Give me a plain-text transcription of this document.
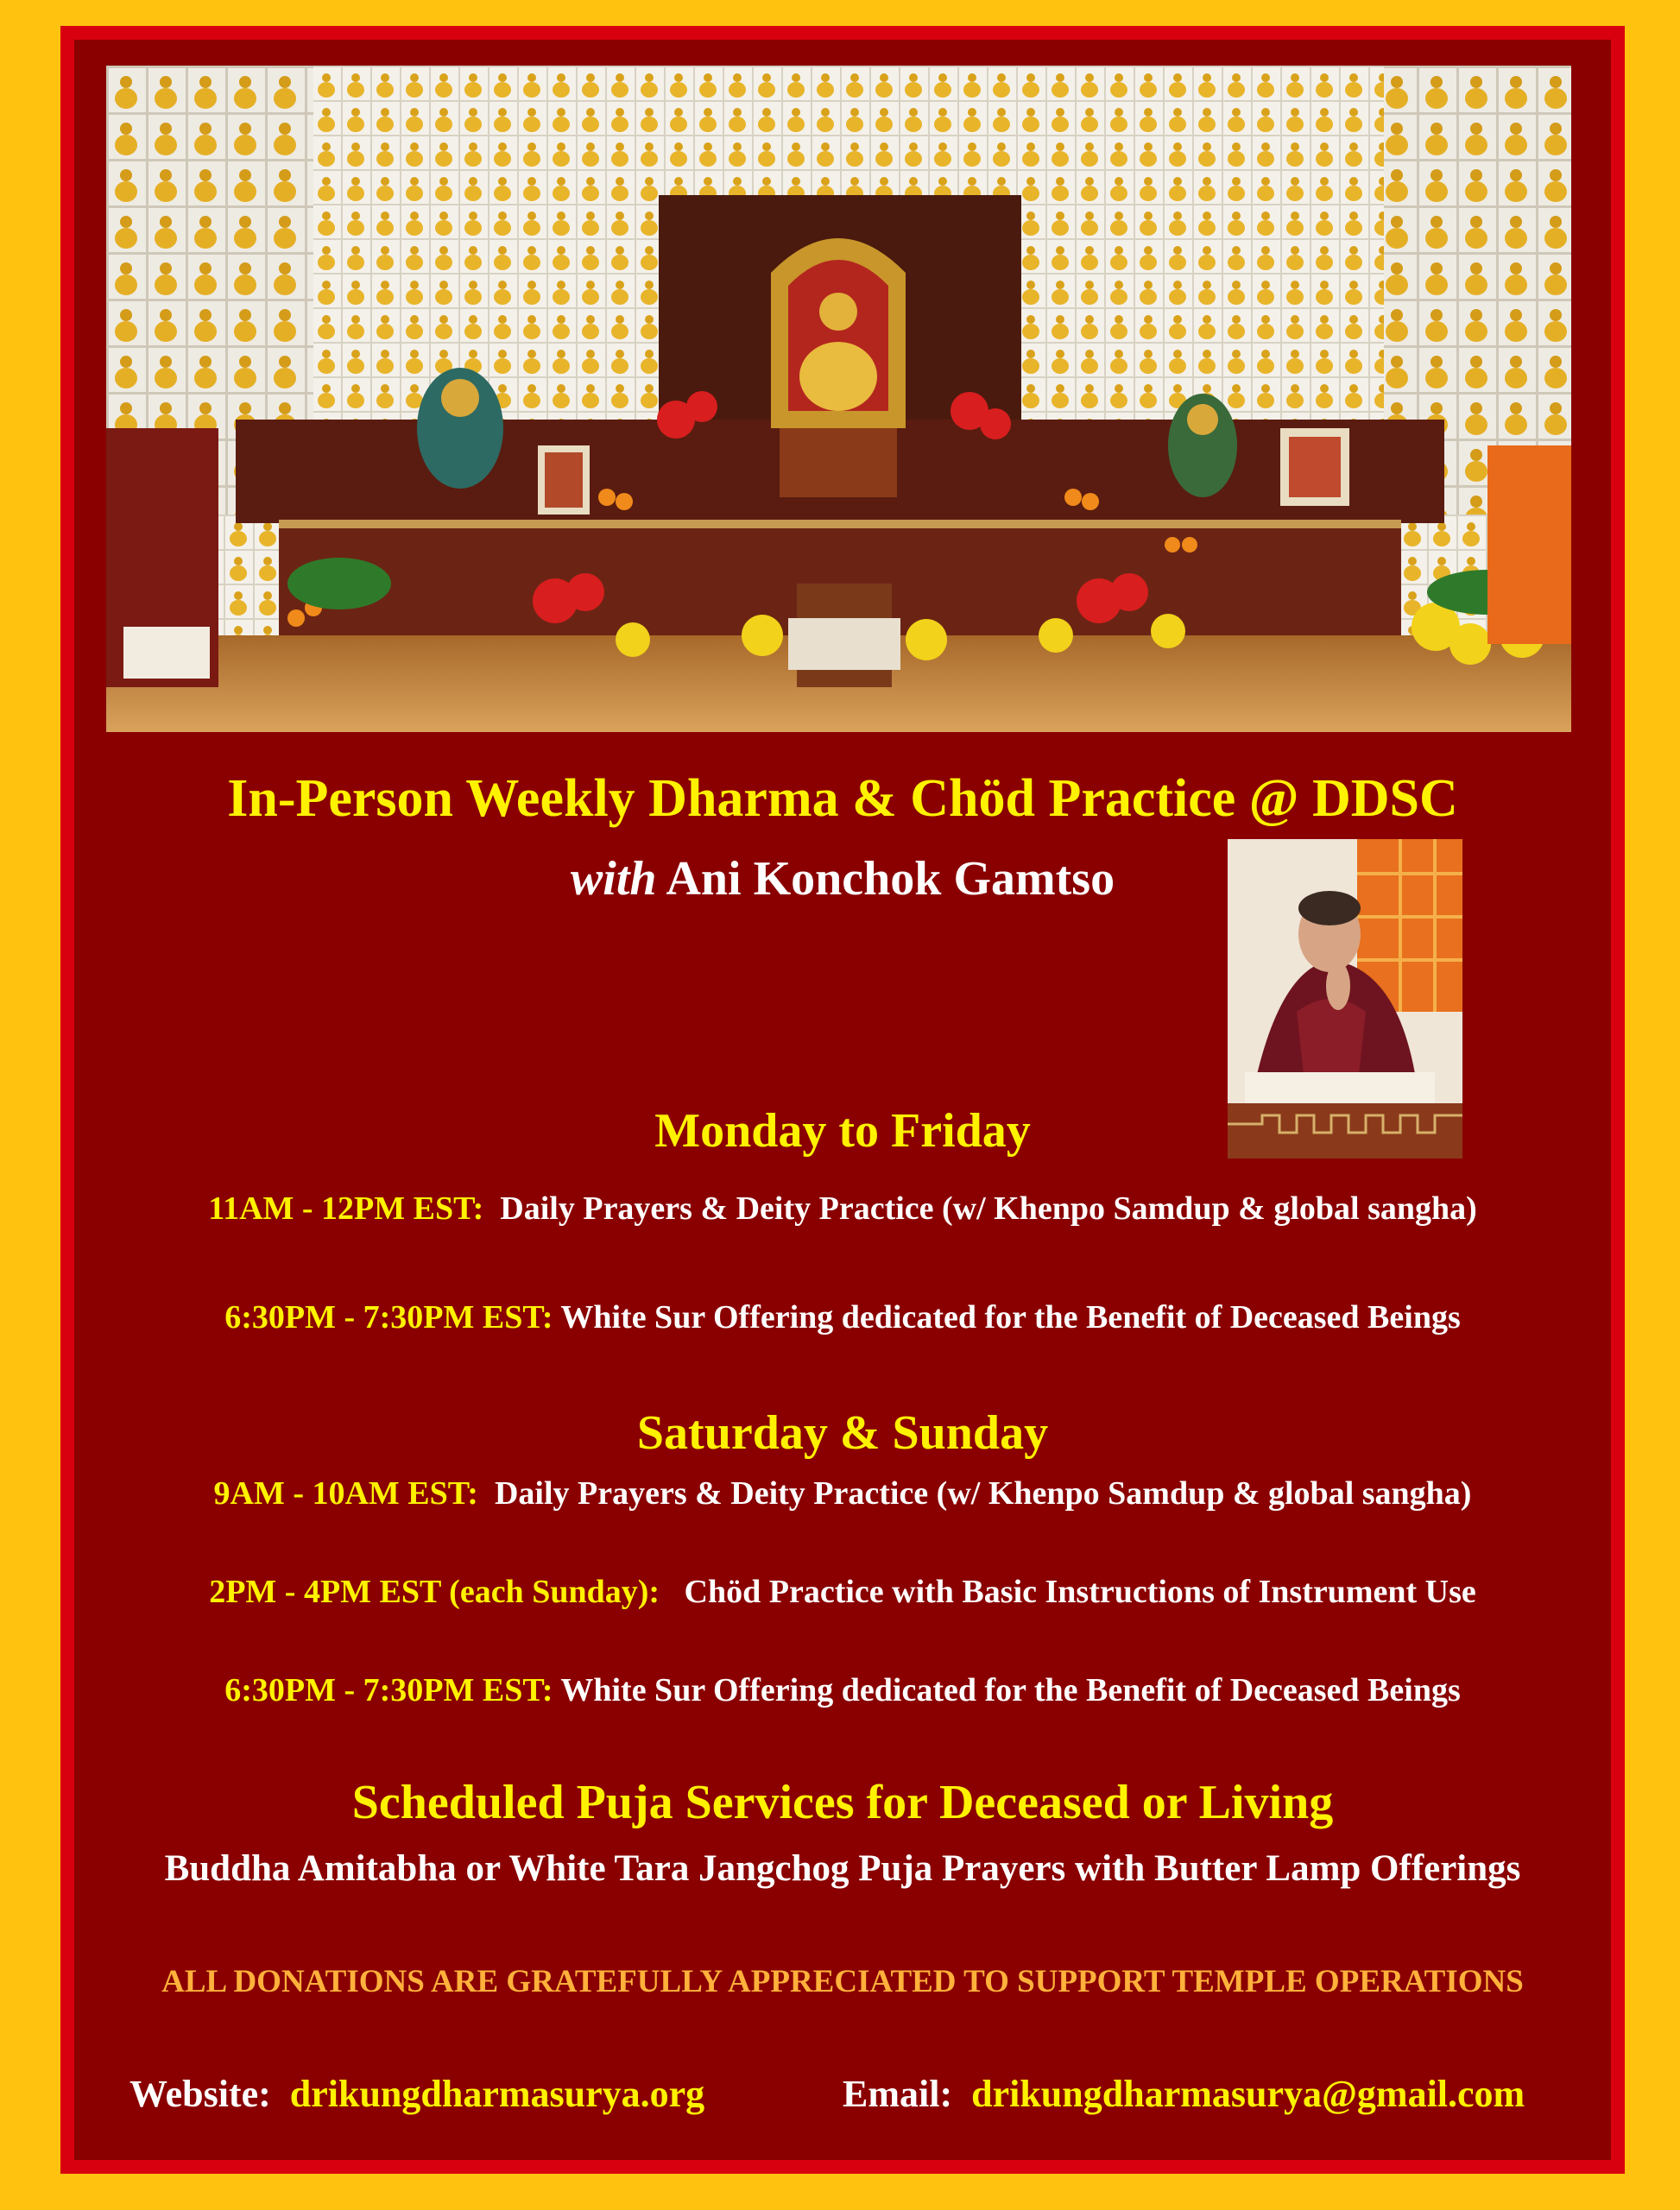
In-Person Weekly Dharma & Chöd Practice @ DDSC
with Ani Konchok Gamtso
Monday to Friday
11AM - 12PM EST: Daily Prayers & Deity Practice (w/ Khenpo Samdup & global sangha)
6:30PM - 7:30PM EST: White Sur Offering dedicated for the Benefit of Deceased Beings
Saturday & Sunday
9AM - 10AM EST: Daily Prayers & Deity Practice (w/ Khenpo Samdup & global sangha)
2PM - 4PM EST (each Sunday): Chöd Practice with Basic Instructions of Instrument Use
6:30PM - 7:30PM EST: White Sur Offering dedicated for the Benefit of Deceased Beings
Scheduled Puja Services for Deceased or Living
Buddha Amitabha or White Tara Jangchog Puja Prayers with Butter Lamp Offerings
ALL DONATIONS ARE GRATEFULLY APPRECIATED TO SUPPORT TEMPLE OPERATIONS
Website: drikungdharmasurya.org	Email: drikungdharmasurya@gmail.com
